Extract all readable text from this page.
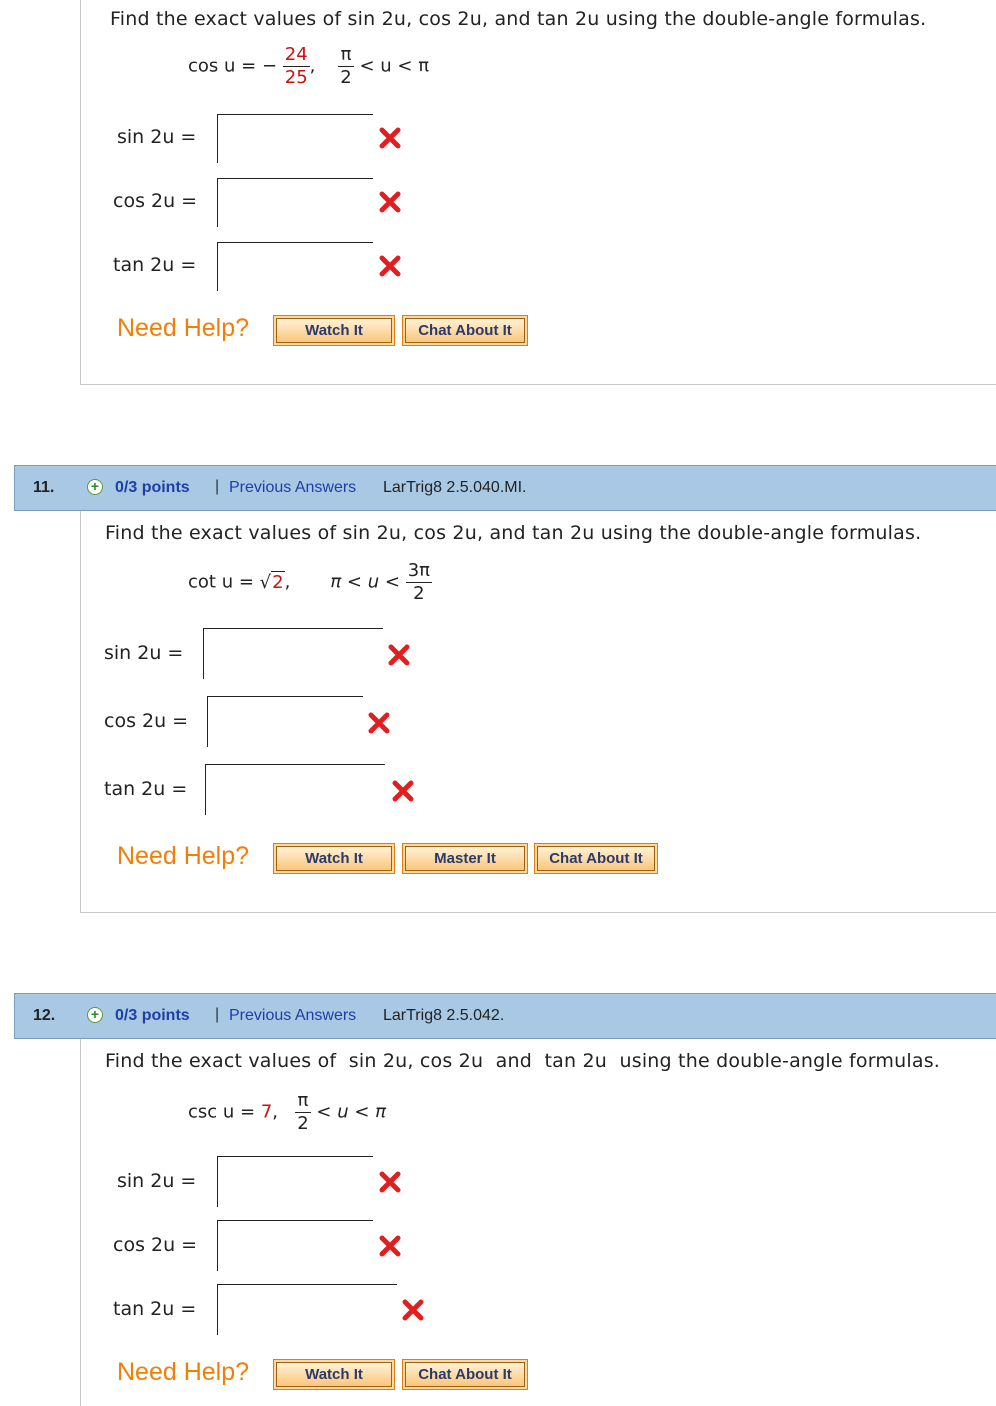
Find the exact values of sin 2u, cos 2u, and tan 2u using the double-angle formulas.
cos u = − $\frac{24}{25}$ , $\frac{\pi}{2} < u < \pi$
sin 2u =
cos 2u =
tan 2u =
Need Help?	Watch It	Chat About It
11.	+ 0/3 points | Previous Answers LarTrig8 2.5.040.MI.
Find the exact values of sin 2u, cos 2u, and tan 2u using the double-angle formulas.
cot u = √2, $\pi < u < \frac{3\pi}{2}$
sin 2u =
cos 2u =
tan 2u =
Need Help?	Watch It	Master It	Chat About It
12.	+ 0/3 points | Previous Answers LarTrig8 2.5.042.
Find the exact values of  sin 2u, cos 2u  and  tan 2u  using the double-angle formulas.
csc u = 7, $\frac{\pi}{2} < u < \pi$
sin 2u =
cos 2u =
tan 2u =
Need Help?	Watch It	Chat About It
